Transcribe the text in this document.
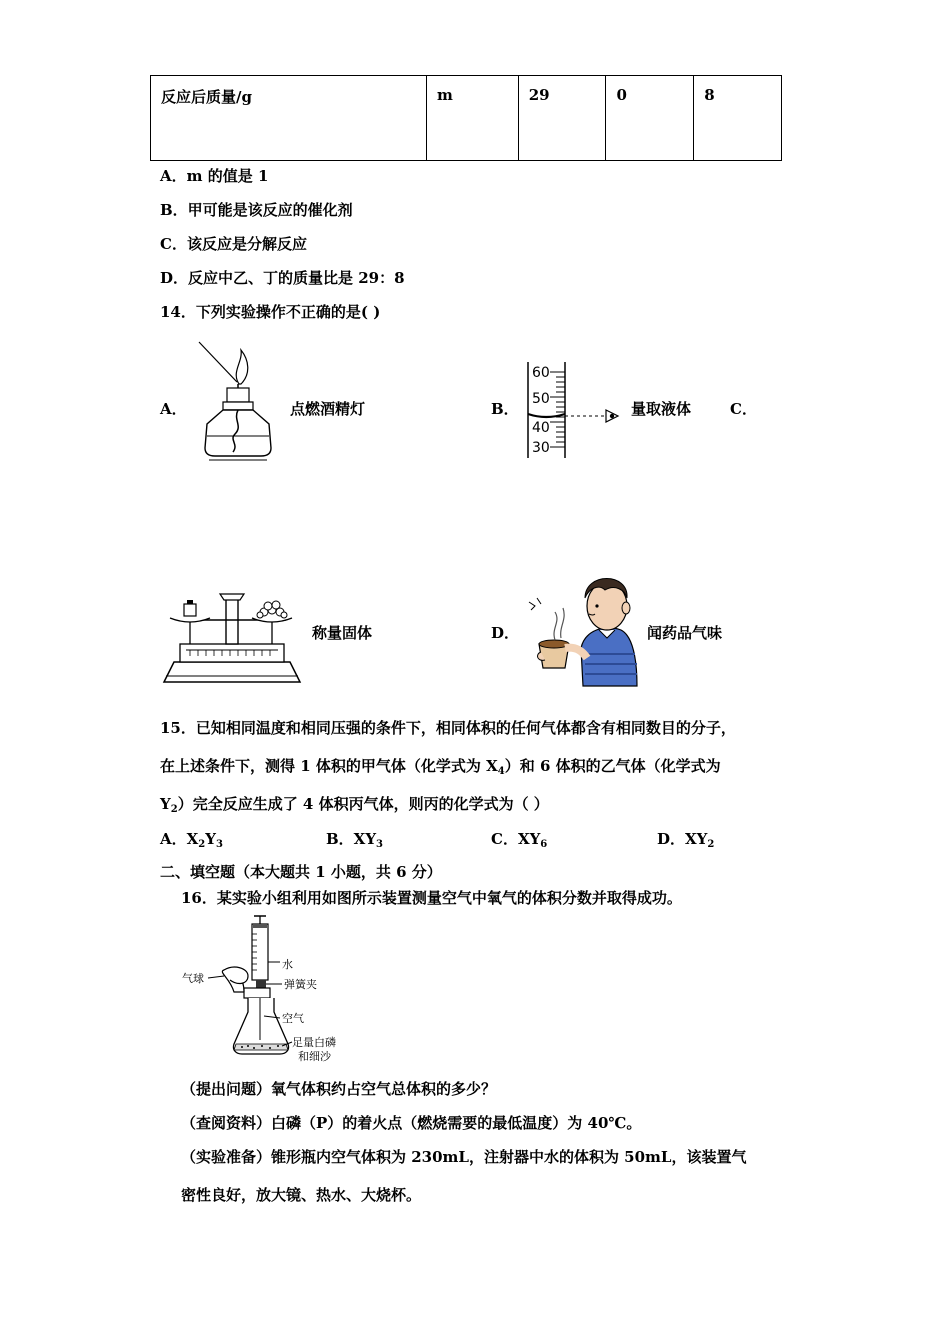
反应后质量/g	m	29	0	8
A．m 的值是 1
B．甲可能是该反应的催化剂
C．该反应是分解反应
D．反应中乙、丁的质量比是 29：8
14．下列实验操作不正确的是( )
A．	点燃酒精灯	B．
60
50
40
30
量取液体	C．
称量固体	D．	闻药品气味
15．已知相同温度和相同压强的条件下，相同体积的任何气体都含有相同数目的分子，
在上述条件下，测得 1 体积的甲气体（化学式为 $X_4$）和 6 体积的乙气体（化学式为
$Y_2$）完全反应生成了 4 体积丙气体，则丙的化学式为（ ）
A．$X_2Y_3$	B．$XY_3$	C．$XY_6$	D．$XY_2$
二、填空题（本大题共 1 小题，共 6 分）
16．某实验小组利用如图所示装置测量空气中氧气的体积分数并取得成功。
气球
水
弹簧夹
空气
足量白磷
和细沙
（提出问题）氧气体积约占空气总体积的多少？
（查阅资料）白磷（P）的着火点（燃烧需要的最低温度）为 40℃。
（实验准备）锥形瓶内空气体积为 230mL，注射器中水的体积为 50mL，该装置气
密性良好，放大镜、热水、大烧杯。
